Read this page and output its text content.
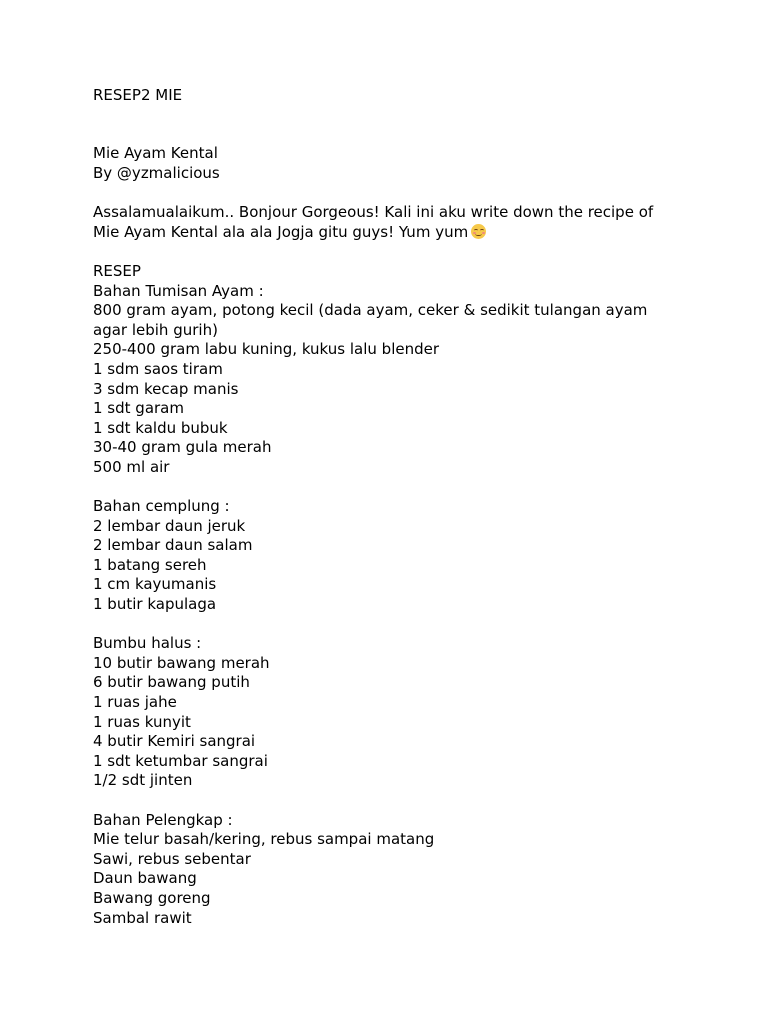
RESEP2 MIE
Mie Ayam Kental
By @yzmalicious
Assalamualaikum.. Bonjour Gorgeous! Kali ini aku write down the recipe of
Mie Ayam Kental ala ala Jogja gitu guys! Yum yum
RESEP
Bahan Tumisan Ayam :
800 gram ayam, potong kecil (dada ayam, ceker & sedikit tulangan ayam
agar lebih gurih)
250-400 gram labu kuning, kukus lalu blender
1 sdm saos tiram
3 sdm kecap manis
1 sdt garam
1 sdt kaldu bubuk
30-40 gram gula merah
500 ml air
Bahan cemplung :
2 lembar daun jeruk
2 lembar daun salam
1 batang sereh
1 cm kayumanis
1 butir kapulaga
Bumbu halus :
10 butir bawang merah
6 butir bawang putih
1 ruas jahe
1 ruas kunyit
4 butir Kemiri sangrai
1 sdt ketumbar sangrai
1/2 sdt jinten
Bahan Pelengkap :
Mie telur basah/kering, rebus sampai matang
Sawi, rebus sebentar
Daun bawang
Bawang goreng
Sambal rawit
